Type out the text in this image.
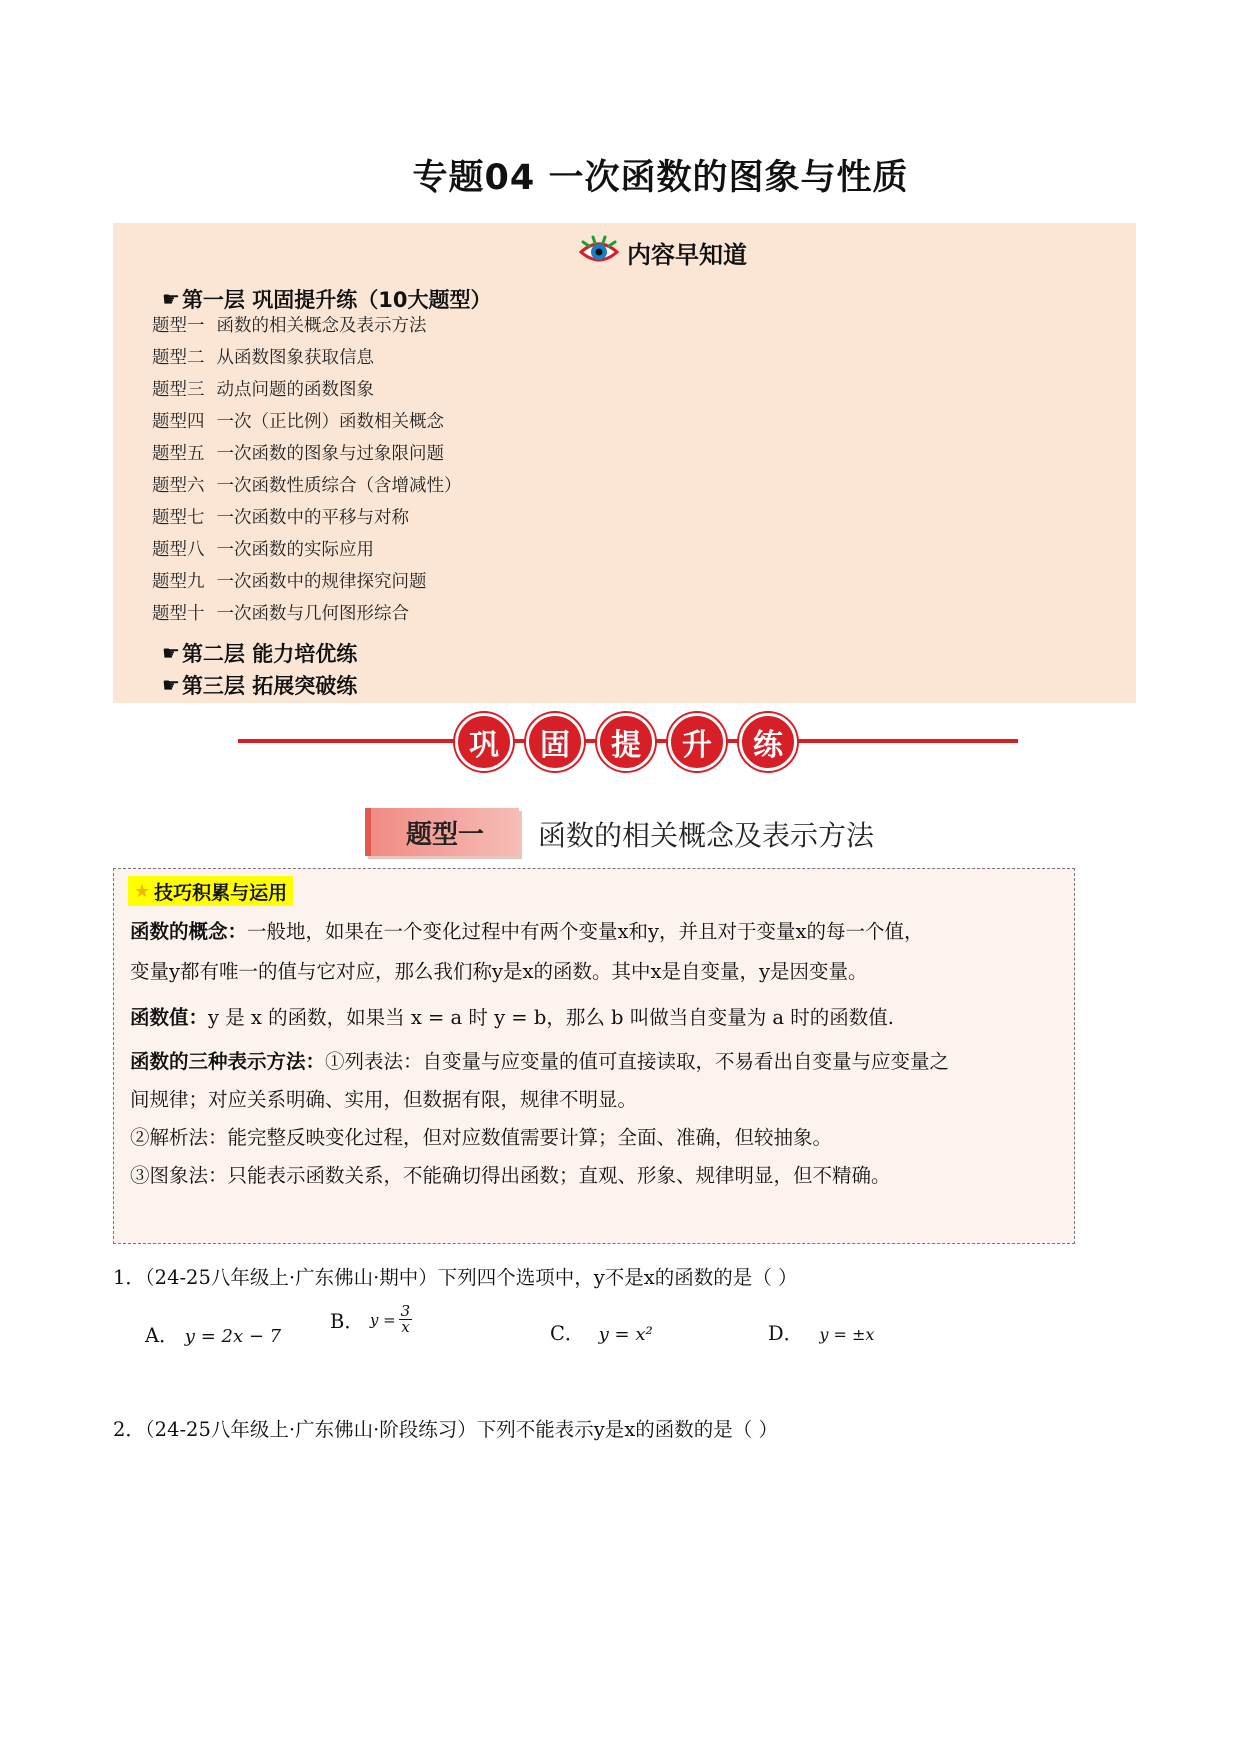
专题04 一次函数的图象与性质
内容早知道
☛ 第一层 巩固提升练（10大题型）
题型一 函数的相关概念及表示方法
题型二 从函数图象获取信息
题型三 动点问题的函数图象
题型四 一次（正比例）函数相关概念
题型五 一次函数的图象与过象限问题
题型六 一次函数性质综合（含增减性）
题型七 一次函数中的平移与对称
题型八 一次函数的实际应用
题型九 一次函数中的规律探究问题
题型十 一次函数与几何图形综合
☛ 第二层 能力培优练
☛ 第三层 拓展突破练
巩	固	提	升	练
题型一	函数的相关概念及表示方法
★ 技巧积累与运用
函数的概念：一般地，如果在一个变化过程中有两个变量x和y，并且对于变量x的每一个值，
变量y都有唯一的值与它对应，那么我们称y是x的函数。其中x是自变量，y是因变量。
函数值：y 是 x 的函数，如果当 x = a 时 y = b，那么 b 叫做当自变量为 a 时的函数值.
函数的三种表示方法：①列表法：自变量与应变量的值可直接读取，不易看出自变量与应变量之
间规律；对应关系明确、实用，但数据有限，规律不明显。
②解析法：能完整反映变化过程，但对应数值需要计算；全面、准确，但较抽象。
③图象法：只能表示函数关系，不能确切得出函数；直观、形象、规律明显，但不精确。
1．（24-25八年级上·广东佛山·期中）下列四个选项中，y不是x的函数的是（ ）
A． y = 2x − 7
B． $y = \frac{3}{x}$	C． y = x²	D． y = ±x
2．（24-25八年级上·广东佛山·阶段练习）下列不能表示y是x的函数的是（ ）
